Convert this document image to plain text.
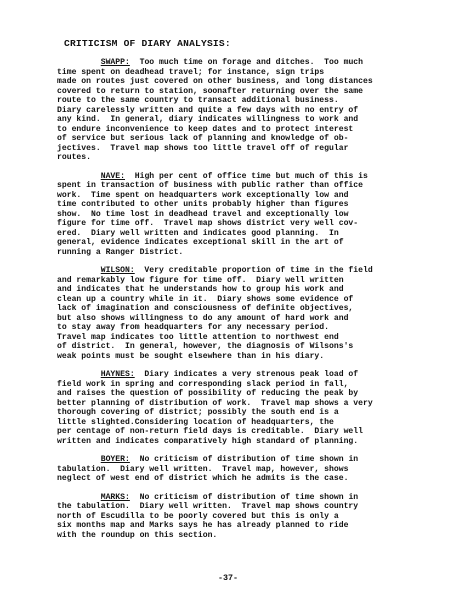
CRITICISM OF DIARY ANALYSIS:
SWAPP:  Too much time on forage and ditches.  Too much
time spent on deadhead travel; for instance, sign trips
made on routes just covered on other business, and long distances
covered to return to station, soonafter returning over the same
route to the same country to transact additional business.
Diary carelessly written and quite a few days with no entry of
any kind.  In general, diary indicates willingness to work and
to endure inconvenience to keep dates and to protect interest
of service but serious lack of planning and knowledge of ob-
jectives.  Travel map shows too little travel off of regular
routes.
NAVE:  High per cent of office time but much of this is
spent in transaction of business with public rather than office
work.  Time spent on headquarters work exceptionally low and
time contributed to other units probably higher than figures
show.  No time lost in deadhead travel and exceptionally low
figure for time off.  Travel map shows district very well cov-
ered.  Diary well written and indicates good planning.  In
general, evidence indicates exceptional skill in the art of
running a Ranger District.
WILSON:  Very creditable proportion of time in the field
and remarkably low figure for time off.  Diary well written
and indicates that he understands how to group his work and
clean up a country while in it.  Diary shows some evidence of
lack of imagination and consciousness of definite objectives,
but also shows willingness to do any amount of hard work and
to stay away from headquarters for any necessary period.
Travel map indicates too little attention to northwest end
of district.  In general, however, the diagnosis of Wilsons's
weak points must be sought elsewhere than in his diary.
HAYNES:  Diary indicates a very strenous peak load of
field work in spring and corresponding slack period in fall,
and raises the question of possibility of reducing the peak by
better planning of distribution of work.  Travel map shows a very
thorough covering of district; possibly the south end is a
little slighted.Considering location of headquarters, the
per centage of non-return field days is creditable.  Diary well
written and indicates comparatively high standard of planning.
BOYER:  No criticism of distribution of time shown in
tabulation.  Diary well written.  Travel map, however, shows
neglect of west end of district which he admits is the case.
MARKS:  No criticism of distribution of time shown in
the tabulation.  Diary well written.  Travel map shows country
north of Escudilla to be poorly covered but this is only a
six months map and Marks says he has already planned to ride
with the roundup on this section.
-37-
